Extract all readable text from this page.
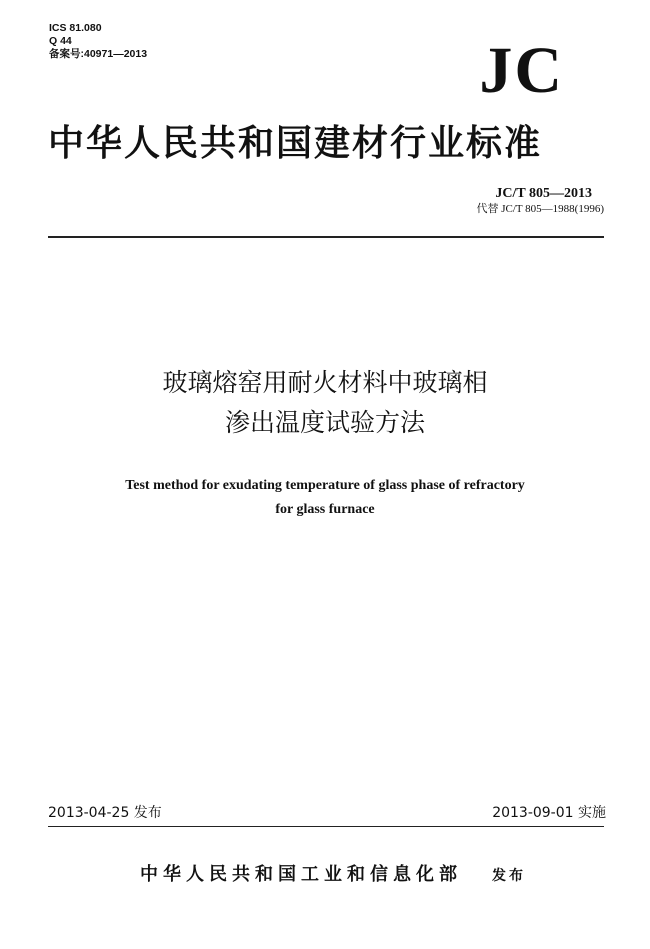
ICS 81.080
Q 44
备案号:40971—2013	JC
中华人民共和国建材行业标准
JC/T 805—2013
代替 JC/T 805—1988(1996)
玻璃熔窑用耐火材料中玻璃相
渗出温度试验方法
Test method for exudating temperature of glass phase of refractory
for glass furnace
2013-04-25 发布	2013-09-01 实施
中华人民共和国工业和信息化部 发布
